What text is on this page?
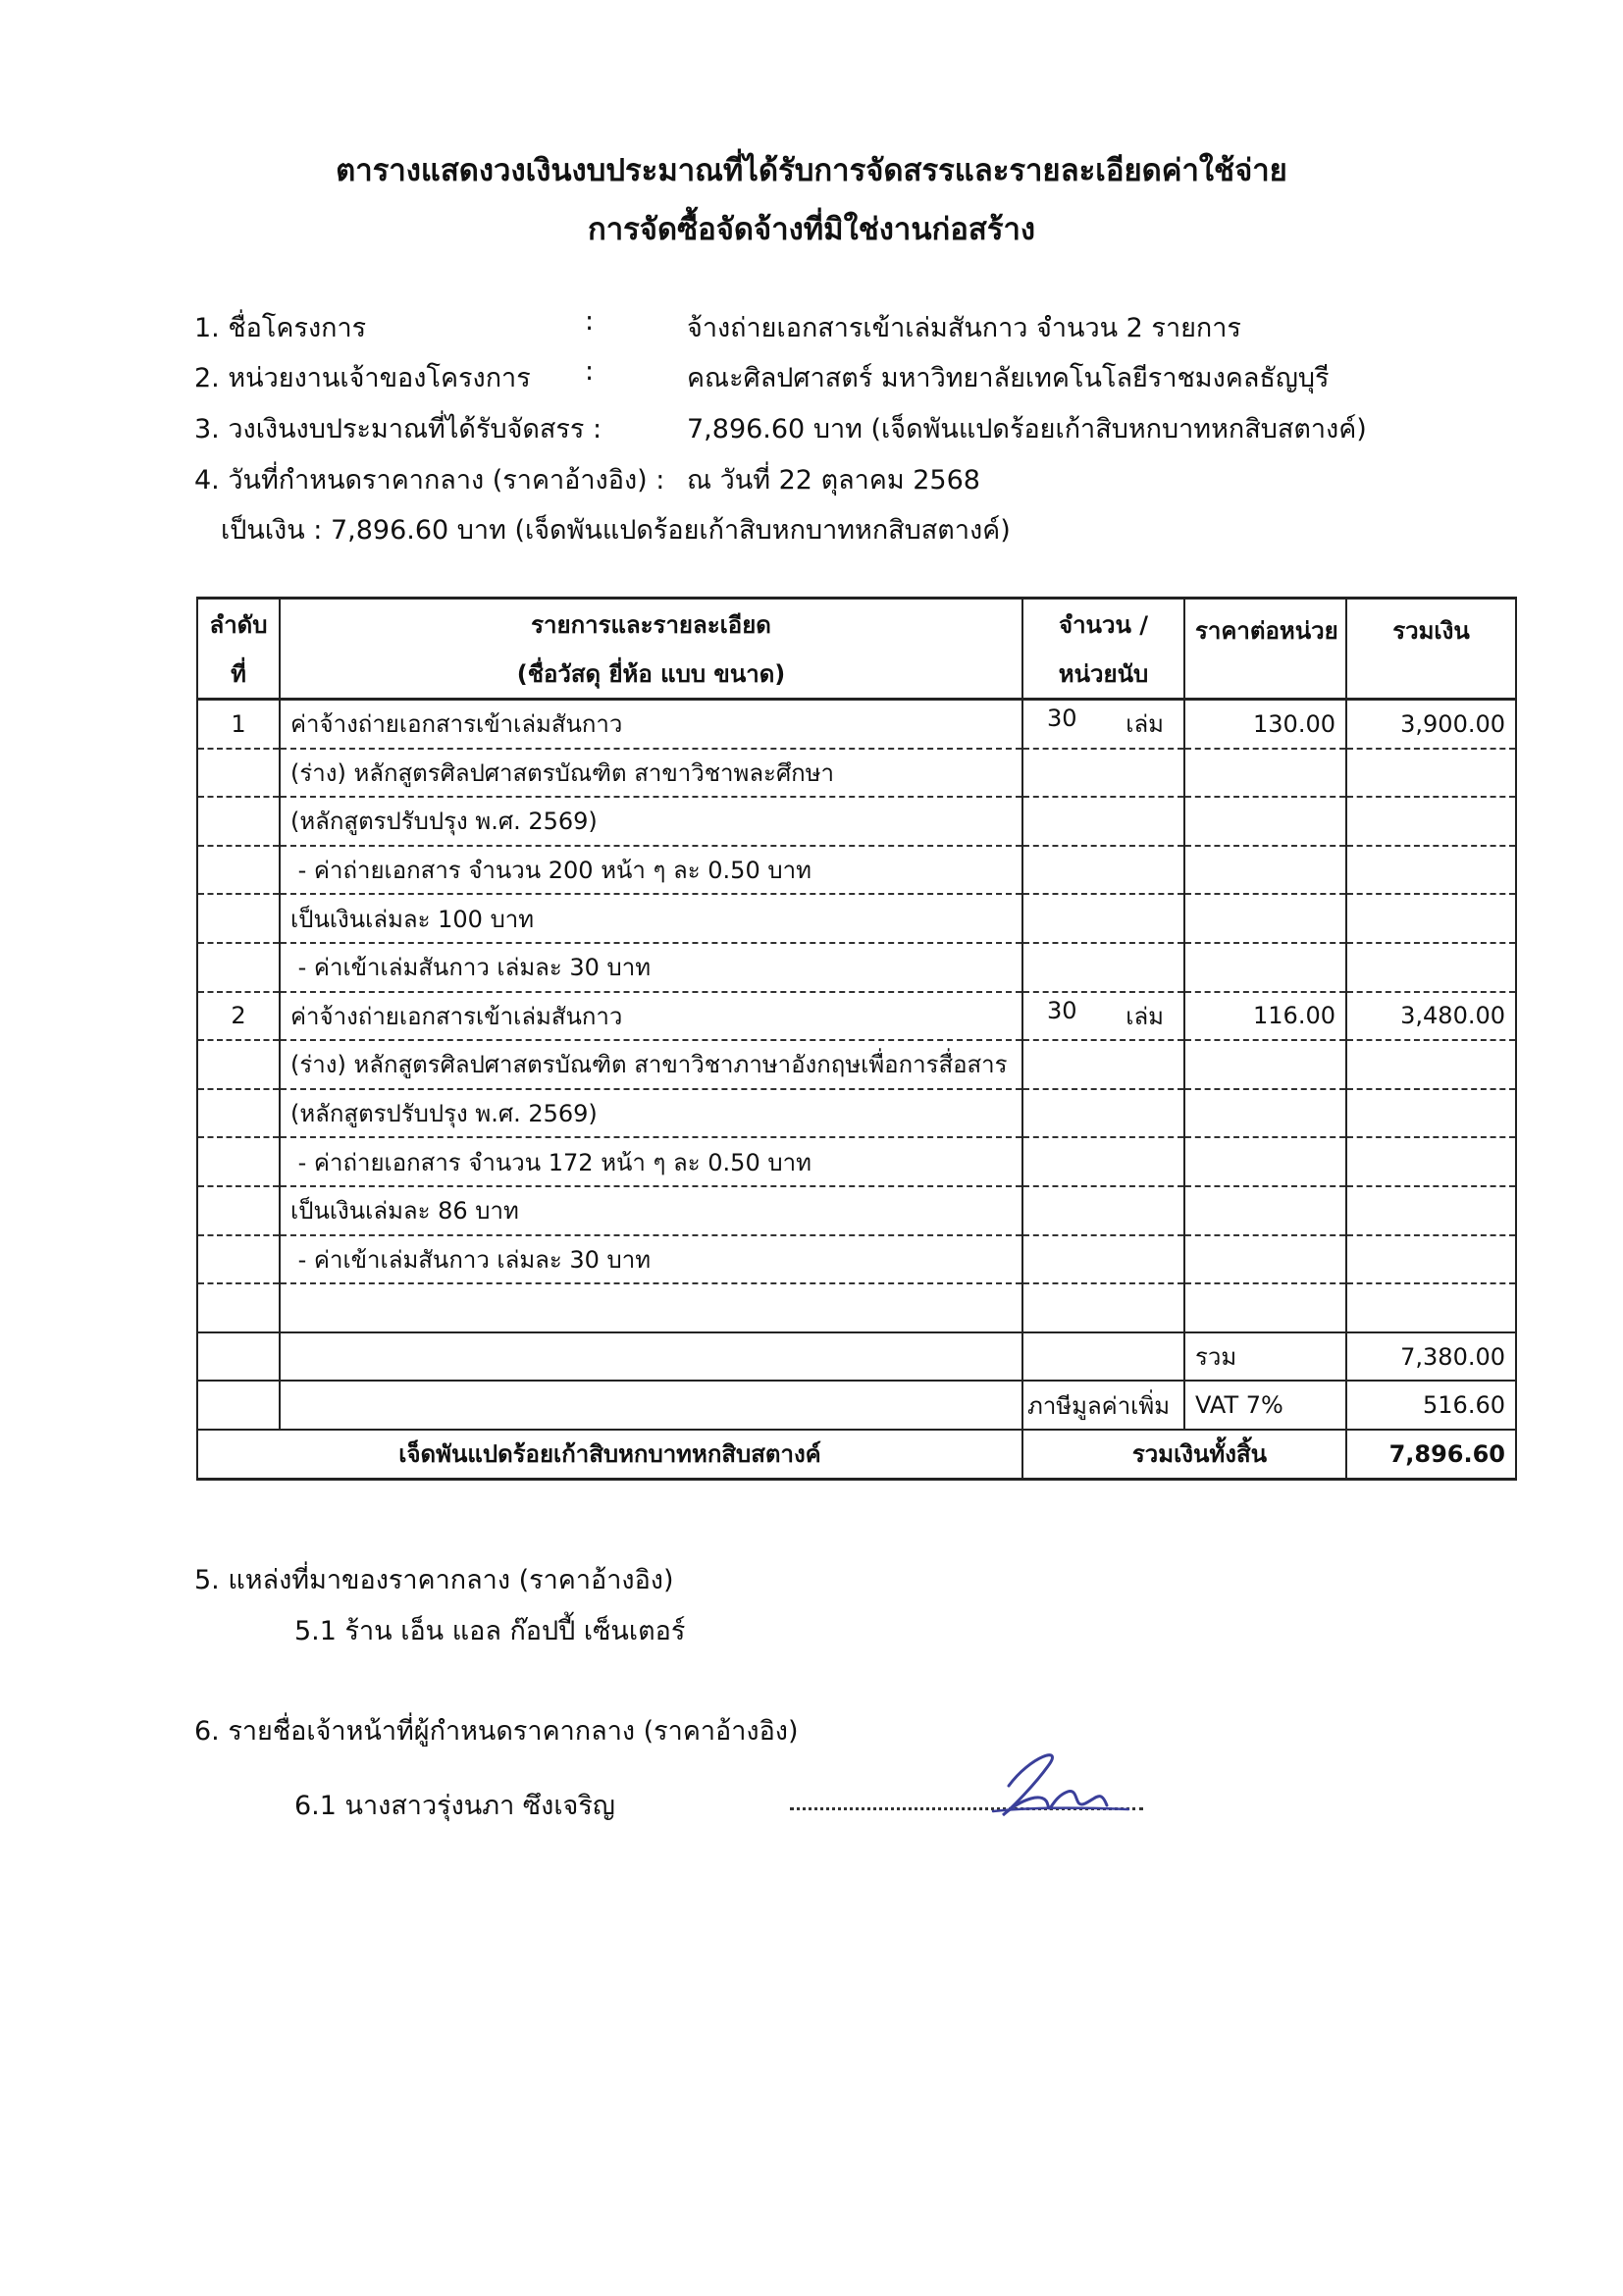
ตารางแสดงวงเงินงบประมาณที่ได้รับการจัดสรรและรายละเอียดค่าใช้จ่าย
การจัดซื้อจัดจ้างที่มิใช่งานก่อสร้าง
1. ชื่อโครงการ	:	จ้างถ่ายเอกสารเข้าเล่มสันกาว จำนวน 2 รายการ
2. หน่วยงานเจ้าของโครงการ :	คณะศิลปศาสตร์ มหาวิทยาลัยเทคโนโลยีราชมงคลธัญบุรี
3. วงเงินงบประมาณที่ได้รับจัดสรร :	7,896.60 บาท (เจ็ดพันแปดร้อยเก้าสิบหกบาทหกสิบสตางค์)
4. วันที่กำหนดราคากลาง (ราคาอ้างอิง) : ณ วันที่ 22 ตุลาคม 2568
เป็นเงิน : 7,896.60 บาท (เจ็ดพันแปดร้อยเก้าสิบหกบาทหกสิบสตางค์)
ลำดับ	รายการและรายละเอียด	จำนวน /	ราคาต่อหน่วย	รวมเงิน
ที่	(ชื่อวัสดุ ยี่ห้อ แบบ ขนาด)	หน่วยนับ		
1	ค่าจ้างถ่ายเอกสารเข้าเล่มสันกาว	30 เล่ม	130.00	3,900.00
	(ร่าง) หลักสูตรศิลปศาสตรบัณฑิต สาขาวิชาพละศึกษา	

	(หลักสูตรปรับปรุง พ.ศ. 2569)	

	- ค่าถ่ายเอกสาร จำนวน 200 หน้า ๆ ละ 0.50 บาท	

	เป็นเงินเล่มละ 100 บาท	

	- ค่าเข้าเล่มสันกาว เล่มละ 30 บาท	

2	ค่าจ้างถ่ายเอกสารเข้าเล่มสันกาว	30 เล่ม	116.00	3,480.00
	(ร่าง) หลักสูตรศิลปศาสตรบัณฑิต สาขาวิชาภาษาอังกฤษเพื่อการสื่อสาร	

	(หลักสูตรปรับปรุง พ.ศ. 2569)	

	- ค่าถ่ายเอกสาร จำนวน 172 หน้า ๆ ละ 0.50 บาท	

	เป็นเงินเล่มละ 86 บาท	

	- ค่าเข้าเล่มสันกาว เล่มละ 30 บาท	

			รวม	7,380.00
		ภาษีมูลค่าเพิ่ม	VAT 7%	516.60
เจ็ดพันแปดร้อยเก้าสิบหกบาทหกสิบสตางค์		รวมเงินทั้งสิ้น		7,896.60
5. แหล่งที่มาของราคากลาง (ราคาอ้างอิง)
5.1 ร้าน เอ็น แอล ก๊อปปี้ เซ็นเตอร์
6. รายชื่อเจ้าหน้าที่ผู้กำหนดราคากลาง (ราคาอ้างอิง)
6.1 นางสาวรุ่งนภา ซึงเจริญ
